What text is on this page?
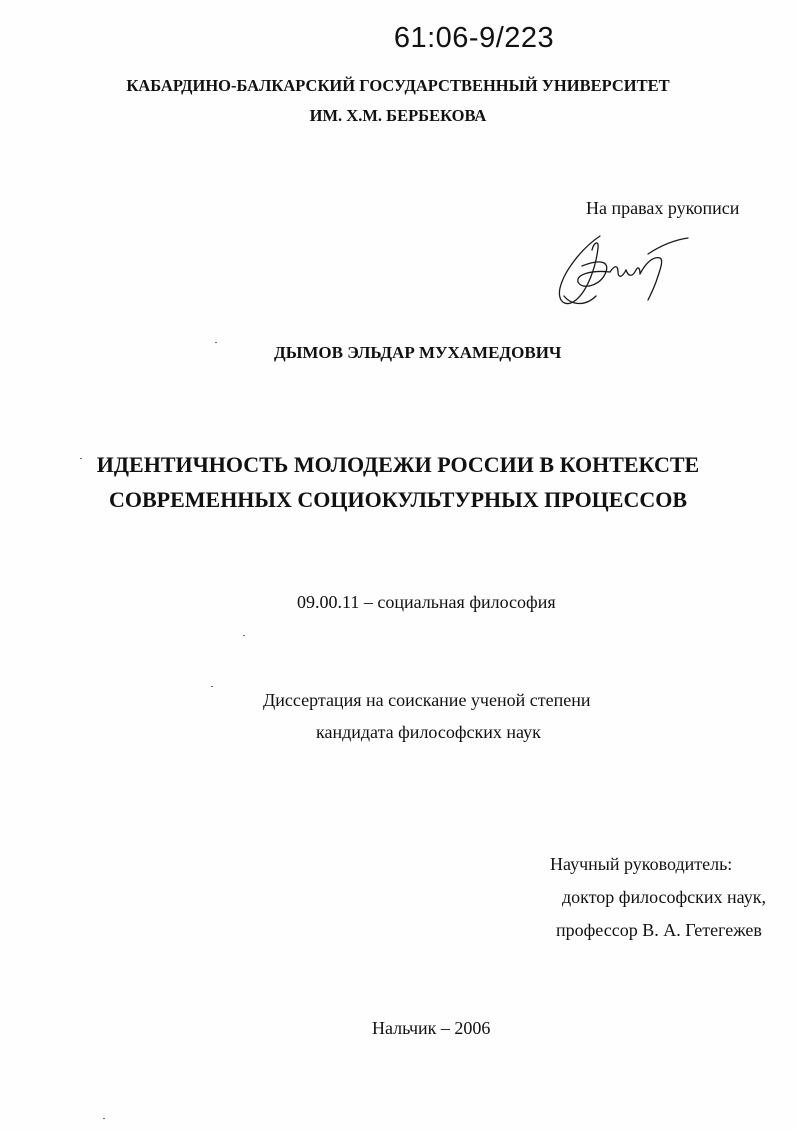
61:06-9/223
КАБАРДИНО-БАЛКАРСКИЙ ГОСУДАРСТВЕННЫЙ УНИВЕРСИТЕТ
ИМ. Х.М. БЕРБЕКОВА
На правах рукописи
ДЫМОВ ЭЛЬДАР МУХАМЕДОВИЧ
ИДЕНТИЧНОСТЬ МОЛОДЕЖИ РОССИИ В КОНТЕКСТЕ
СОВРЕМЕННЫХ СОЦИОКУЛЬТУРНЫХ ПРОЦЕССОВ
09.00.11 – социальная философия
Диссертация на соискание ученой степени
кандидата философских наук
Научный руководитель:
доктор философских наук,
профессор В. А. Гетегежев
Нальчик – 2006
